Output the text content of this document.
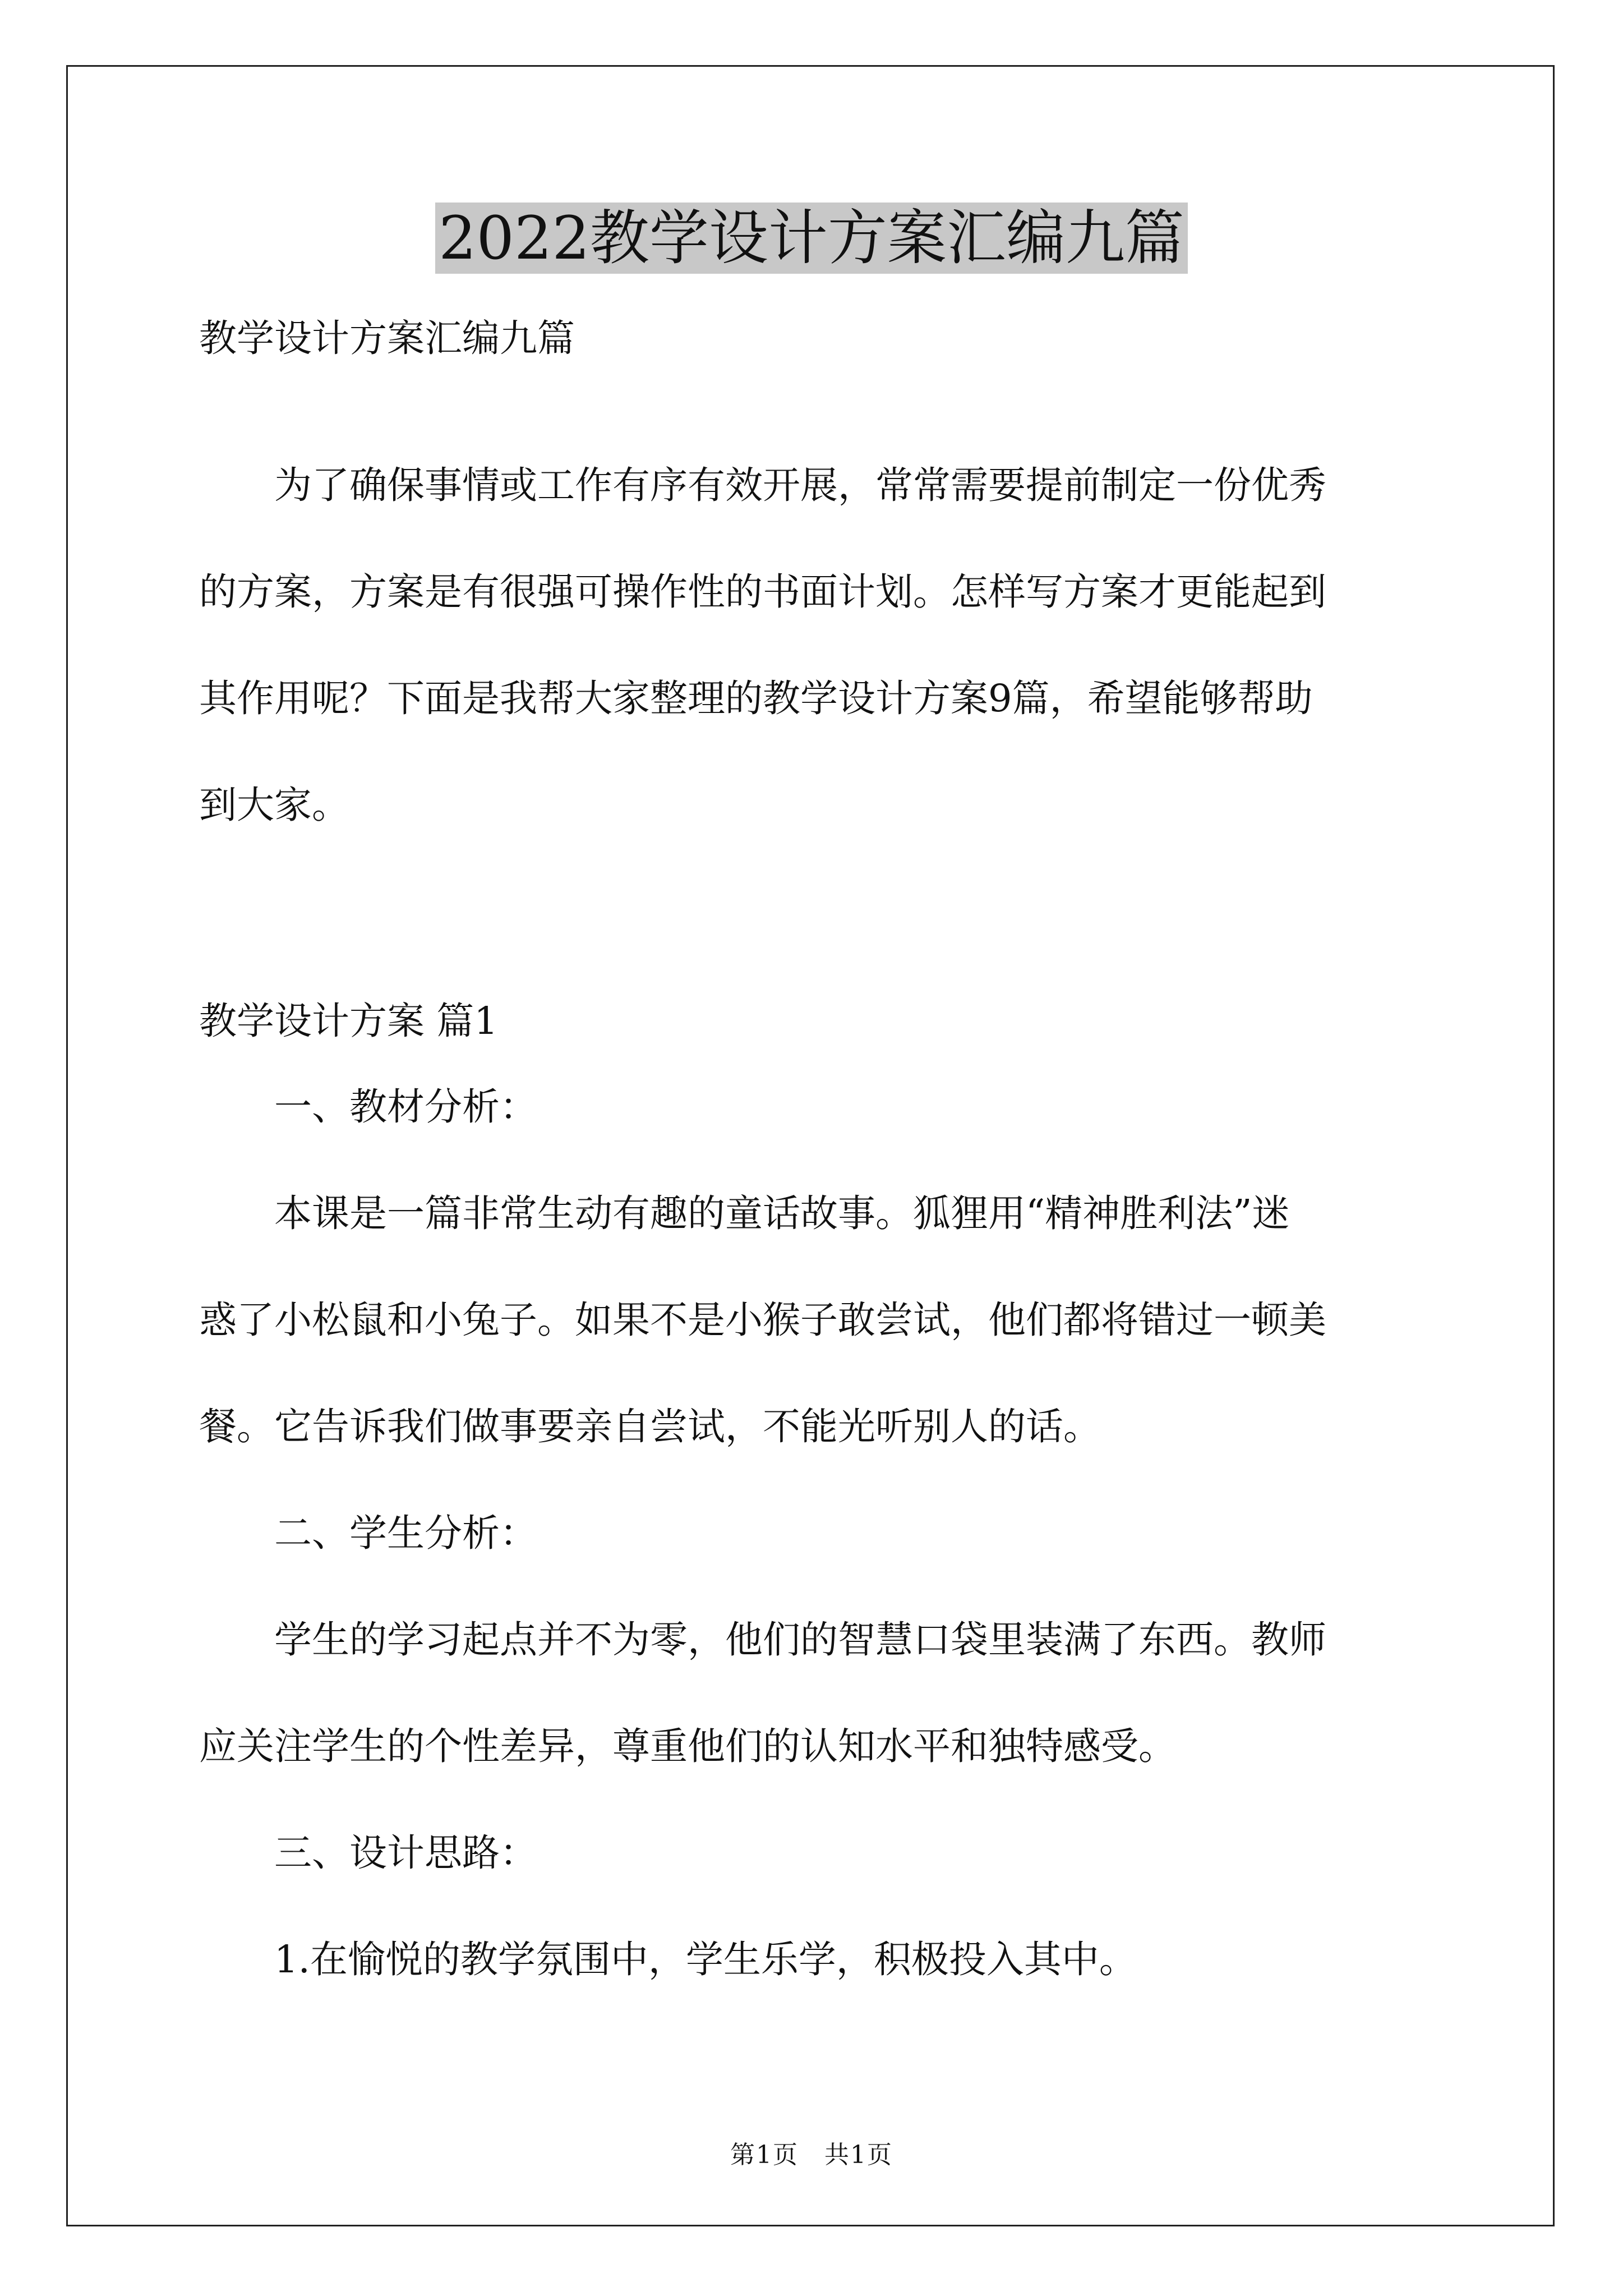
2022教学设计方案汇编九篇
教学设计方案汇编九篇
　　为了确保事情或工作有序有效开展，常常需要提前制定一份优秀
的方案，方案是有很强可操作性的书面计划。怎样写方案才更能起到
其作用呢？下面是我帮大家整理的教学设计方案9篇，希望能够帮助
到大家。
教学设计方案 篇1
　　一、教材分析：
　　本课是一篇非常生动有趣的童话故事。狐狸用“精神胜利法”迷
惑了小松鼠和小兔子。如果不是小猴子敢尝试，他们都将错过一顿美
餐。它告诉我们做事要亲自尝试，不能光听别人的话。
　　二、学生分析：
　　学生的学习起点并不为零，他们的智慧口袋里装满了东西。教师
应关注学生的个性差异，尊重他们的认知水平和独特感受。
　　三、设计思路：
　　1.在愉悦的教学氛围中，学生乐学，积极投入其中。
第1页　共1页
